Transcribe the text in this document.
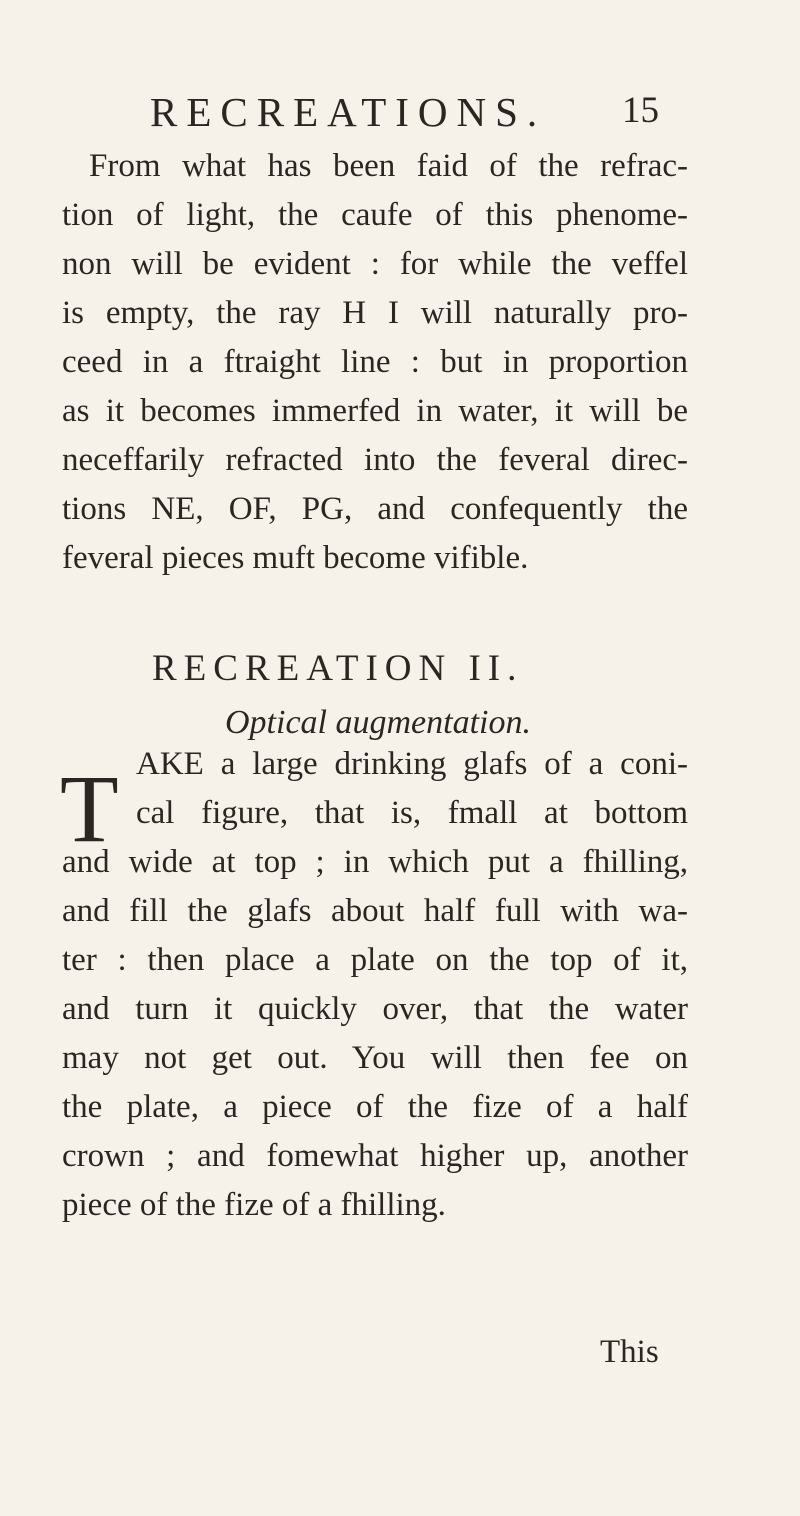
RECREATIONS. 15
From what has been faid of the refrac-
tion of light, the caufe of this phenome-
non will be evident : for while the veffel
is empty, the ray H I will naturally pro-
ceed in a ftraight line : but in proportion
as it becomes immerfed in water, it will be
neceffarily refracted into the feveral direc-
tions NE, OF, PG, and confequently the
feveral pieces muft become vifible.
RECREATION II.
Optical augmentation.
T AKE a large drinking glafs of a coni-
cal figure, that is, fmall at bottom
and wide at top ; in which put a fhilling,
and fill the glafs about half full with wa-
ter : then place a plate on the top of it,
and turn it quickly over, that the water
may not get out. You will then fee on
the plate, a piece of the fize of a half
crown ; and fomewhat higher up, another
piece of the fize of a fhilling.
This
